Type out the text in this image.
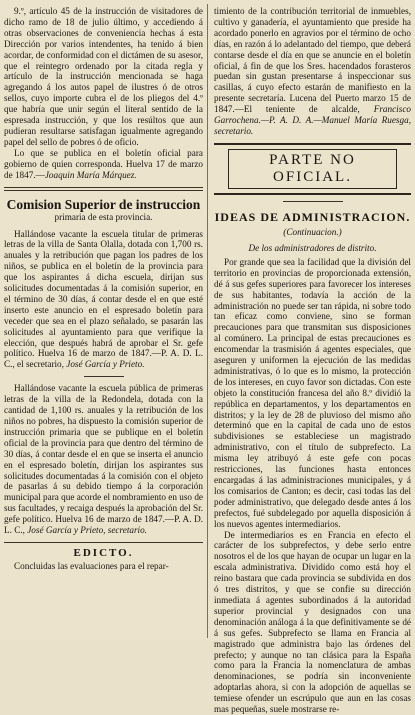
9.º, artículo 45 de la instrucción de visitadores de dicho ramo de 18 de julio último, y accediendo á otras observaciones de conveniencia hechas á esta Dirección por varios intendentes, ha tenido á bien acordar, de conformidad con el dictámen de su asesor, que el reintegro ordenado por la citada regla y artículo de la instrucción mencionada se haga agregando á los autos papel de ilustres ó de otros sellos, cuyo importe cubra el de los pliegos del 4.º que habría que unir según el literal sentido de la espresada instrucción, y que los resúltos que aun pudieran resultarse satisfagan igualmente agregando papel del sello de pobres ó de oficio.

Lo que se publica en el boletín oficial para gobierno de quien corresponda. Huelva 17 de marzo de 1847.—Joaquin María Márquez.

Comision Superior de instruccion
primaria de esta provincia.

Hallándose vacante la escuela titular de primeras letras de la villa de Santa Olalla, dotada con 1,700 rs. anuales y la retribución que pagan los padres de los niños, se publica en el boletín de la provincia para que los aspirantes á dicha escuela, dirijan sus solicitudes documentadas á la comisión superior, en el término de 30 días, á contar desde el en que esté inserto este anuncio en el espresado boletín para veceder que sea en el plazo señalado, se pasarán las solicitudes al ayuntamiento para que verifique la elección, que después habrá de aprobar el Sr. gefe político. Huelva 16 de marzo de 1847.—P. A. D. L. C., el secretario, José García y Prieto.

Hallándose vacante la escuela pública de primeras letras de la villa de la Redondela, dotada con la cantidad de 1,100 rs. anuales y la retribución de los niños no pobres, ha dispuesto la comisión superior de instrucción primaria que se publique en el boletín oficial de la provincia para que dentro del término de 30 días, á contar desde el en que se inserta el anuncio en el espresado boletín, dirijan los aspirantes sus solicitudes documentadas á la comisión con el objeto de pasarlas á su debido tiempo á la corporación municipal para que acorde el nombramiento en uso de sus facultades, y recaiga después la aprobación del Sr. gefe político. Huelva 16 de marzo de 1847.—P. A. D. L. C., José García y Prieto, secretario.

EDICTO.

Concluidas las evaluaciones para el repar-

timiento de la contribución territorial de inmuebles, cultivo y ganadería, el ayuntamiento que preside ha acordado ponerlo en agravios por el término de ocho días, en razón á lo adelantado del tiempo, que deberá contarse desde el día en que se anuncie en el boletín oficial, á fin de que los Sres. hacendados forasteros puedan sin gustan presentarse á inspeccionar sus casillas, á cuyo efecto estarán de manifiesto en la presente secretaría. Lucena del Puerto marzo 15 de 1847.—El teniente de alcalde, Francisco Garrochena.—P. A. D. A.—Manuel María Ruesga, secretario.

PARTE NO OFICIAL.
IDEAS DE ADMINISTRACION.
(Continuacion.)
De los administradores de distrito.

Por grande que sea la facilidad que la división del territorio en provincias de proporcionada extensión, dé á sus gefes superiores para favorecer los intereses de sus habitantes, todavía la acción de la administración no puede ser tan rápida, ni sobre todo tan eficaz como conviene, sino se forman precauciones para que transmitan sus disposiciones al comúnero. La principal de estas precauciones es encomendar la trasmisión á agentes especiales, que aseguren y uniformen la ejecución de las medidas administrativas, ó lo que es lo mismo, la protección de los intereses, en cuyo favor son dictadas. Con este objeto la constitución francesa del año 8.º dividió la república en departamentos, y los departamentos en distritos; y la ley de 28 de pluvioso del mismo año determinó que en la capital de cada uno de estos subdivisiones se estableciese un magistrado administrativo, con el título de subprefecto. La misma ley atribuyó á este gefe con pocas restricciones, las funciones hasta entonces encargadas á las administraciones municipales, y á los comisarios de Canton; es decir, casi todas las del poder administrativo, que delegado desde antes á los prefectos, fué subdelegado por aquella disposición á los nuevos agentes intermediarios.

De intermediarios es en Francia en efecto el carácter de los subprefectos, y debe serlo entre nosotros el de los que hayan de ocupar un lugar en la escala administrativa. Dividido como está hoy el reino bastara que cada provincia se subdivida en dos ó tres distritos, y que se confie su dirección inmediata á agentes subordinados á la autoridad superior provincial y designados con una denominación análoga á la que definitivamente se dé á sus gefes. Subprefecto se llama en Francia al magistrado que administra bajo las órdenes del prefecto; y aunque no tan clásica para la España como para la Francia la nomenclatura de ambas denominaciones, se podría sin inconveniente adoptarlas ahora, si con la adopción de aquellas se temiese ofender un escrúpulo que aun en las cosas mas pequeñas, suele mostrarse re-
